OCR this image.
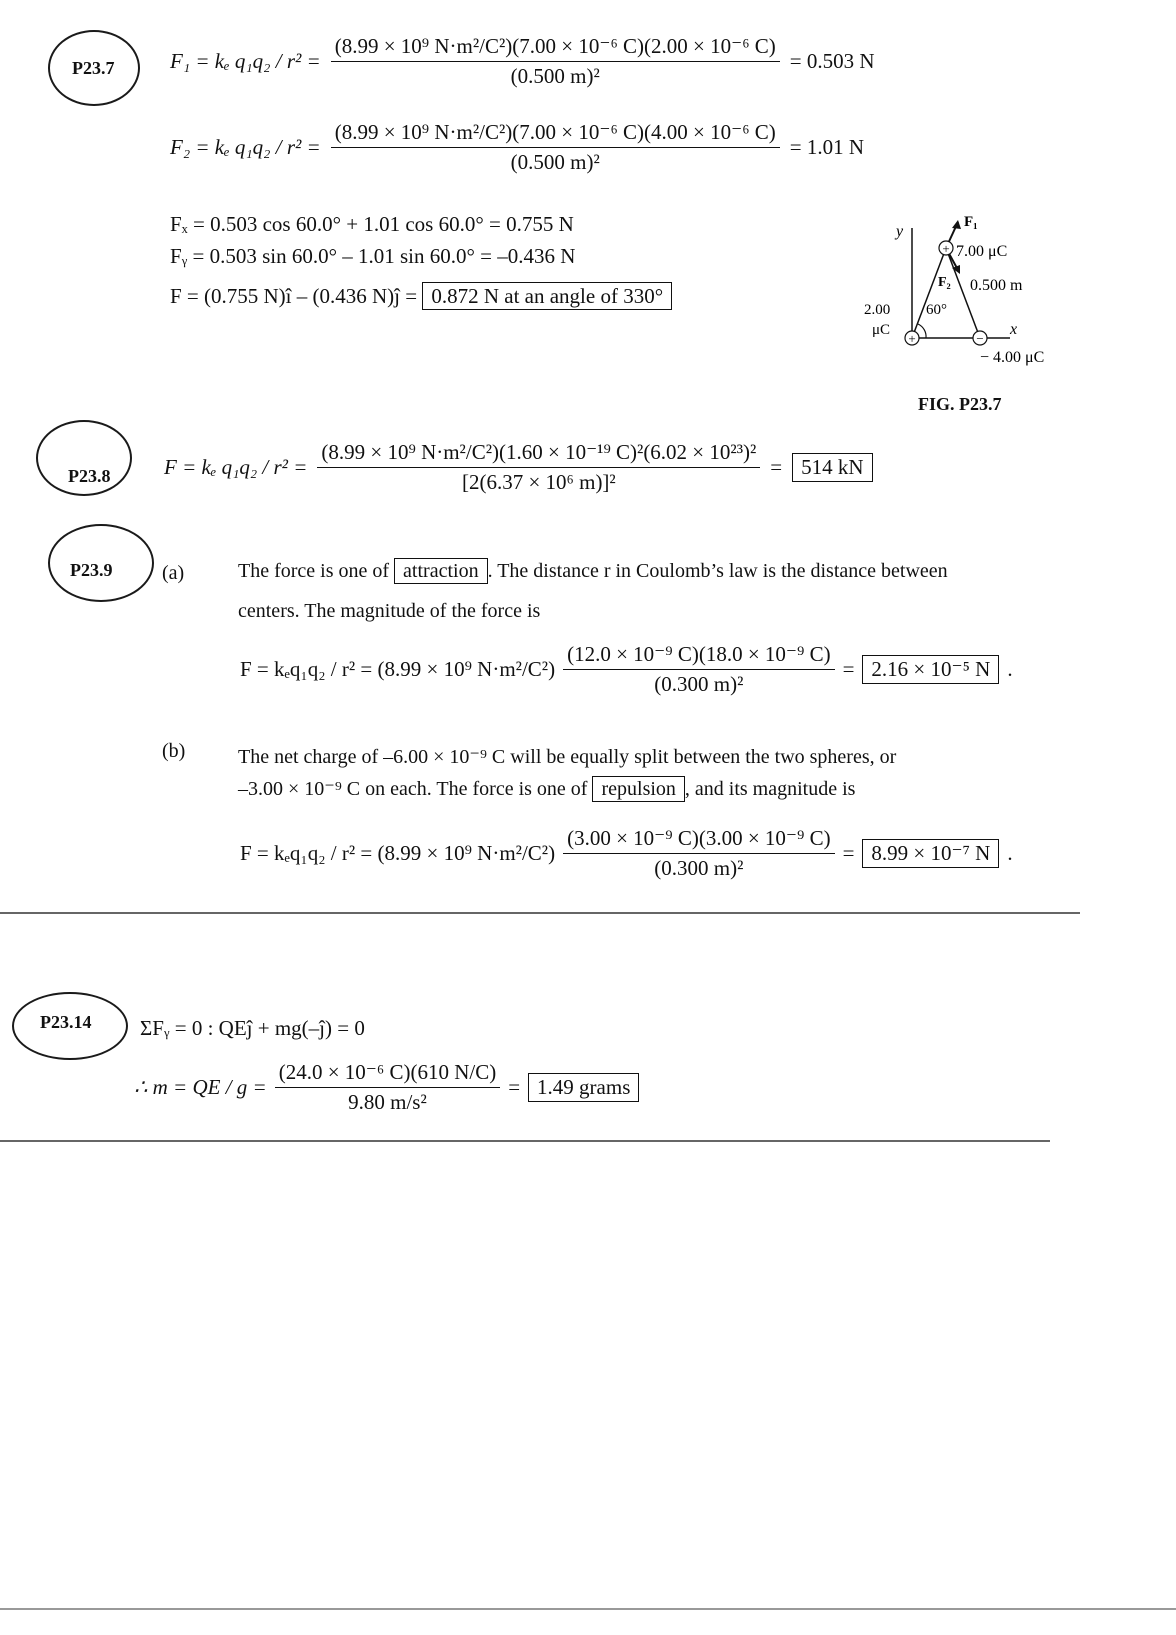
P23.7	F₁ = kₑ $q_1q_2 / r^2 = \frac{\text{(8.99 × 10⁹ N·m²/C²)(7.00 × 10⁻⁶ C)(2.00 × 10⁻⁶ C)}}{\text{(0.500 m)²}} = 0.503$ N
F₂ = kₑ $q_1q_2 / r^2 = \frac{\text{(8.99 × 10⁹ N·m²/C²)(7.00 × 10⁻⁶ C)(4.00 × 10⁻⁶ C)}}{\text{(0.500 m)²}} = 1.01$ N
Fₓ = 0.503 cos 60.0° + 1.01 cos 60.0° = 0.755 N
Fᵧ = 0.503 sin 60.0° – 1.01 sin 60.0° = –0.436 N
F = (0.755 N)î – (0.436 N)ĵ = 0.872 N at an angle of 330°
+
+	−
y
x
F₁
7.00 μC
F₂ 0.500 m
60°
2.00
μC
− 4.00 μC
FIG. P23.7
P23.8	F = kₑ $q_1q_2 / r^2 = \frac{\text{(8.99 × 10⁹ N·m²/C²)(1.60 × 10⁻¹⁹ C)²(6.02 × 10²³)²}}{\text{[2(6.37 × 10⁶ m)]²}} = 514$ kN
P23.9 (a)	The force is one of attraction . The distance r in Coulomb’s law is the distance between
centers. The magnitude of the force is
F = kₑq₁q₂ / r² = (8.99 × 10⁹ $N\cdot m^2/C^2) \frac{\text{(12.0 × 10⁻⁹ C)(18.0 × 10⁻⁹ C)}}{\text{(0.300 m)²}} = 2.16 \times 10^{-5}$ N .
(b)	The net charge of –6.00 × 10⁻⁹ C will be equally split between the two spheres, or
–3.00 × 10⁻⁹ C on each. The force is one of repulsion , and its magnitude is
F = kₑq₁q₂ / r² = (8.99 × 10⁹ $N\cdot m^2/C^2) \frac{\text{(3.00 × 10⁻⁹ C)(3.00 × 10⁻⁹ C)}}{\text{(0.300 m)²}} = 8.99 \times 10^{-7}$ N .
P23.14 ΣFᵧ = 0 : QEĵ + mg(–ĵ) = 0
∴ m = QE / $g = \frac{\text{(24.0 × 10⁻⁶ C)(610 N/C)}}{\text{9.80 m/s²}} = 1.49$ grams
